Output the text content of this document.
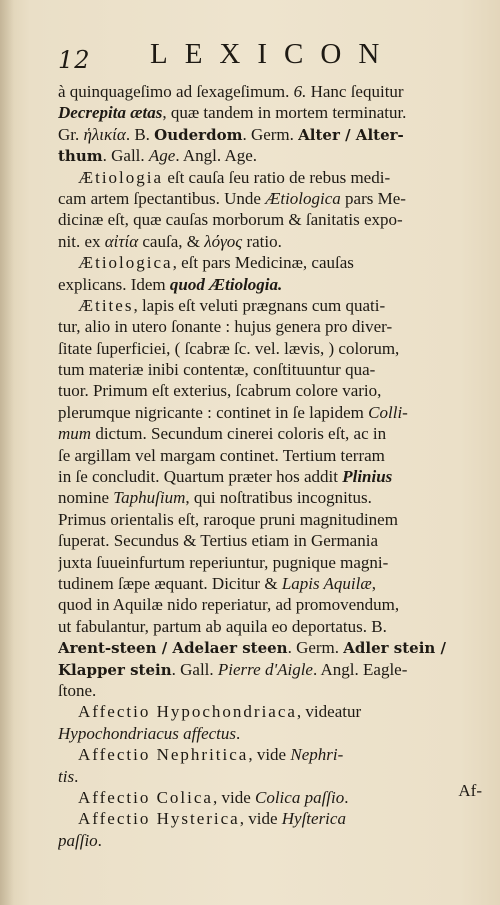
12 LEXICON
à quinquageſimo ad ſexageſimum. 6. Hanc ſequitur
Decrepita ætas, quæ tandem in mortem terminatur.
Gr. ἡλικία. B. Ouderdom. Germ. Alter / Alter-
thum. Gall. Age. Angl. Age.
Ætiologia eſt cauſa ſeu ratio de rebus medi-
cam artem ſpectantibus. Unde Ætiologica pars Me-
dicinæ eſt, quæ cauſas morborum & ſanitatis expo-
nit. ex αἰτία cauſa, & λόγος ratio.
Ætiologica, eſt pars Medicinæ, cauſas
explicans. Idem quod Ætiologia.
Ætites, lapis eſt veluti prægnans cum quati-
tur, alio in utero ſonante : hujus genera pro diver-
ſitate ſuperficiei, ( ſcabræ ſc. vel. lævis, ) colorum,
tum materiæ inibi contentæ, conſtituuntur qua-
tuor. Primum eſt exterius, ſcabrum colore vario,
plerumque nigricante : continet in ſe lapidem Colli-
mum dictum. Secundum cinerei coloris eſt, ac in
ſe argillam vel margam continet. Tertium terram
in ſe concludit. Quartum præter hos addit Plinius
nomine Taphuſium, qui noſtratibus incognitus.
Primus orientalis eſt, raroque pruni magnitudinem
ſuperat. Secundus & Tertius etiam in Germania
juxta ſuueinfurtum reperiuntur, pugnique magni-
tudinem ſæpe æquant. Dicitur & Lapis Aquilæ,
quod in Aquilæ nido reperiatur, ad promovendum,
ut fabulantur, partum ab aquila eo deportatus. B.
Arent-steen / Adelaer steen. Germ. Adler stein /
Klapper stein. Gall. Pierre d'Aigle. Angl. Eagle-
ſtone.
Affectio Hypochondriaca, videatur
Hypochondriacus affectus.
Affectio Nephritica, vide Nephri-
tis.
Affectio Colica, vide Colica paſſio.
Affectio Hysterica, vide Hyſterica
paſſio.
Af-
